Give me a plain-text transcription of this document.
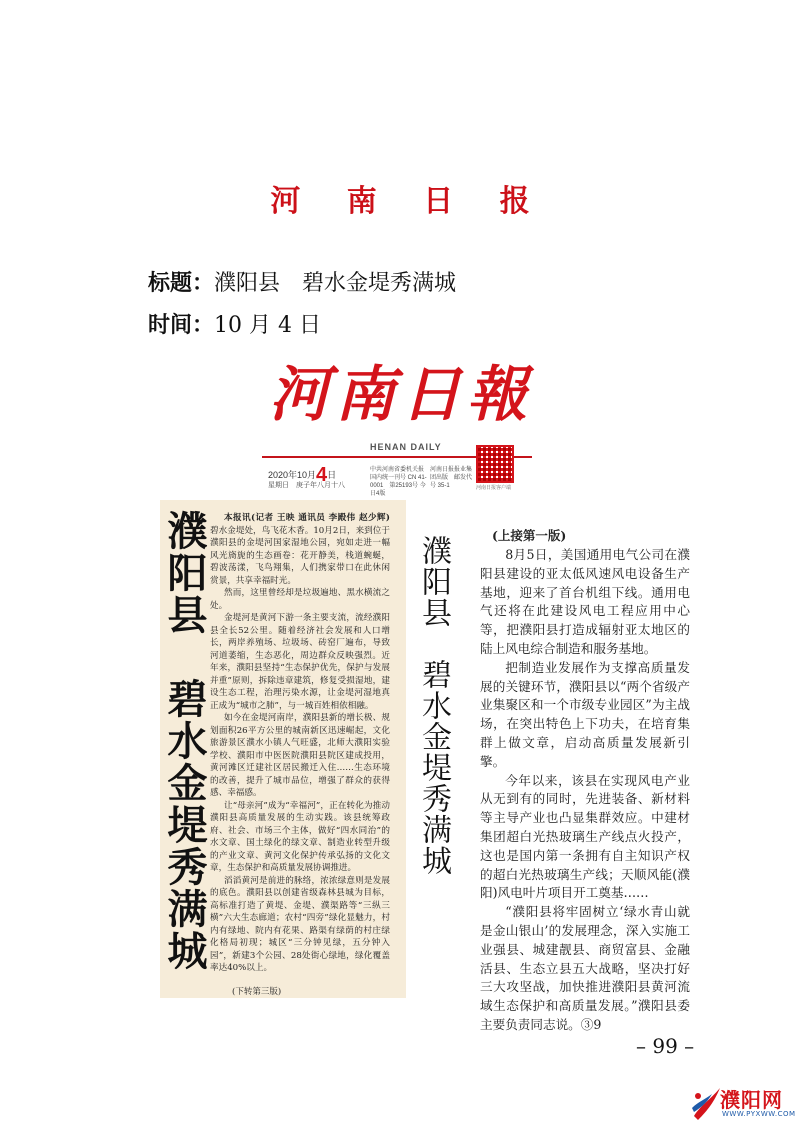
河 南 日 报
标题：濮阳县　碧水金堤秀满城
时间：10 月 4 日
河南日報
HENAN DAILY
2020年10月4日
星期日　庚子年八月十八
中共河南省委机关报　国内统一刊号 CN 41-0001　第25193号 今日4版
河南日报报业集团出版　邮发代号 35-1	河南日报客户端
濮阳县　碧水金堤秀满城	本报讯(记者 王映 通讯员 李殿伟 赵少辉)碧水金堤处，鸟飞花木香。10月2日，来到位于濮阳县的金堤河国家湿地公园，宛如走进一幅风光旖旎的生态画卷：花开静美，栈道蜿蜒，碧波荡漾，飞鸟翔集，人们携家带口在此休闲赏景，共享幸福时光。

然而，这里曾经却是垃圾遍地、黑水横流之处。

金堤河是黄河下游一条主要支流，流经濮阳县全长52公里。随着经济社会发展和人口增长，两岸养殖场、垃圾场、砖窑厂遍布，导致河道萎缩，生态恶化，周边群众反映强烈。近年来，濮阳县坚持“生态保护优先，保护与发展并重”原则，拆除违章建筑，修复受损湿地，建设生态工程，治理污染水源，让金堤河湿地真正成为“城市之肺”，与一城百姓相依相融。

如今在金堤河南岸，濮阳县新的增长极、规划面积26平方公里的城南新区迅速崛起，文化旅游景区濮水小镇人气旺盛，北师大濮阳实验学校、濮阳市中医医院濮阳县院区建成投用，黄河滩区迁建社区居民搬迁入住……生态环境的改善，提升了城市品位，增强了群众的获得感、幸福感。

让“母亲河”成为“幸福河”，正在转化为推动濮阳县高质量发展的生动实践。该县统筹政府、社会、市场三个主体，做好“四水同治”的水文章、国土绿化的绿文章、制造业转型升级的产业文章、黄河文化保护传承弘扬的文化文章，生态保护和高质量发展协调推进。

滔滔黄河是前进的脉络，浓浓绿意则是发展的底色。濮阳县以创建省级森林县城为目标，高标准打造了黄堤、金堤、濮渠路等“三纵三横”六大生态廊道；农村“四旁”绿化显魅力，村内有绿地、院内有花果、路渠有绿荫的村庄绿化格局初现；城区“三分钟见绿，五分钟入园”，新建3个公园、28处街心绿地，绿化覆盖率达40%以上。

(下转第三版)
濮阳县　碧水金堤秀满城	(上接第一版)

8月5日，美国通用电气公司在濮阳县建设的亚太低风速风电设备生产基地，迎来了首台机组下线。通用电气还将在此建设风电工程应用中心等，把濮阳县打造成辐射亚太地区的陆上风电综合制造和服务基地。

把制造业发展作为支撑高质量发展的关键环节，濮阳县以“两个省级产业集聚区和一个市级专业园区”为主战场，在突出特色上下功夫，在培育集群上做文章，启动高质量发展新引擎。

今年以来，该县在实现风电产业从无到有的同时，先进装备、新材料等主导产业也凸显集群效应。中建材集团超白光热玻璃生产线点火投产，这也是国内第一条拥有自主知识产权的超白光热玻璃生产线；天顺风能(濮阳)风电叶片项目开工奠基……

“濮阳县将牢固树立‘绿水青山就是金山银山’的发展理念，深入实施工业强县、城建靓县、商贸富县、金融活县、生态立县五大战略，坚决打好三大攻坚战，加快推进濮阳县黄河流域生态保护和高质量发展。”濮阳县委主要负责同志说。③9

– 99 –
濮阳网
WWW.PYXWW.COM
